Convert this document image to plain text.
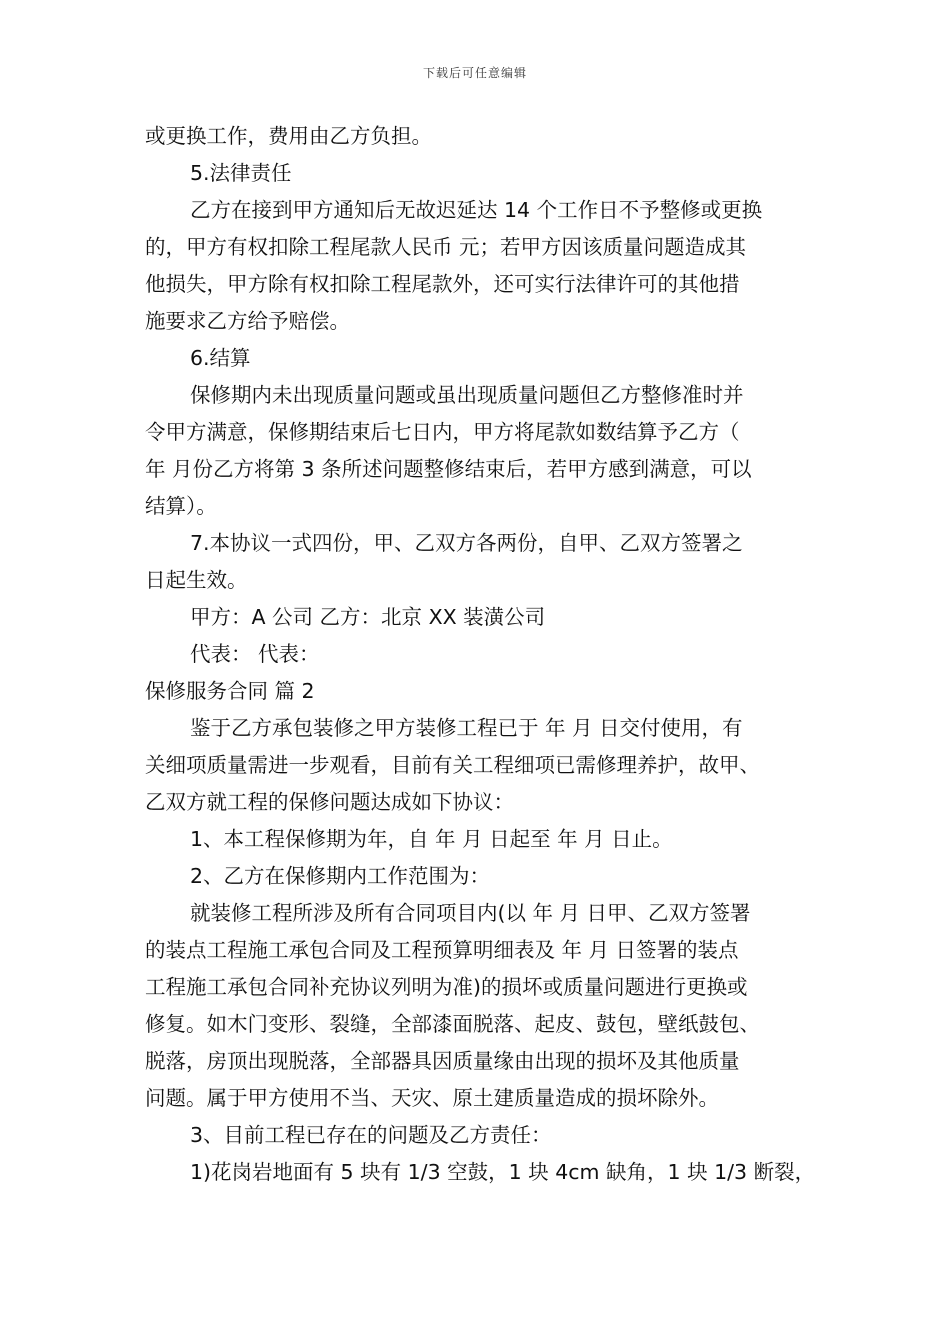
下载后可任意编辑

或更换工作，费用由乙方负担。

5.法律责任

乙方在接到甲方通知后无故迟延达 14 个工作日不予整修或更换

的，甲方有权扣除工程尾款人民币 元；若甲方因该质量问题造成其

他损失，甲方除有权扣除工程尾款外，还可实行法律许可的其他措

施要求乙方给予赔偿。

6.结算

保修期内未出现质量问题或虽出现质量问题但乙方整修准时并

令甲方满意，保修期结束后七日内，甲方将尾款如数结算予乙方（

年 月份乙方将第 3 条所述问题整修结束后，若甲方感到满意，可以

结算）。

7.本协议一式四份，甲、乙双方各两份，自甲、乙双方签署之

日起生效。

甲方：A 公司 乙方：北京 XX 装潢公司

代表： 代表：

保修服务合同 篇 2

鉴于乙方承包装修之甲方装修工程已于 年 月 日交付使用，有

关细项质量需进一步观看，目前有关工程细项已需修理养护，故甲、

乙双方就工程的保修问题达成如下协议：

1、本工程保修期为年，自 年 月 日起至 年 月 日止。

2、乙方在保修期内工作范围为：

就装修工程所涉及所有合同项目内(以 年 月 日甲、乙双方签署

的装点工程施工承包合同及工程预算明细表及 年 月 日签署的装点

工程施工承包合同补充协议列明为准)的损坏或质量问题进行更换或

修复。如木门变形、裂缝，全部漆面脱落、起皮、鼓包，壁纸鼓包、

脱落，房顶出现脱落，全部器具因质量缘由出现的损坏及其他质量

问题。属于甲方使用不当、天灾、原土建质量造成的损坏除外。

3、目前工程已存在的问题及乙方责任：

1)花岗岩地面有 5 块有 1/3 空鼓，1 块 4cm 缺角，1 块 1/3 断裂，
